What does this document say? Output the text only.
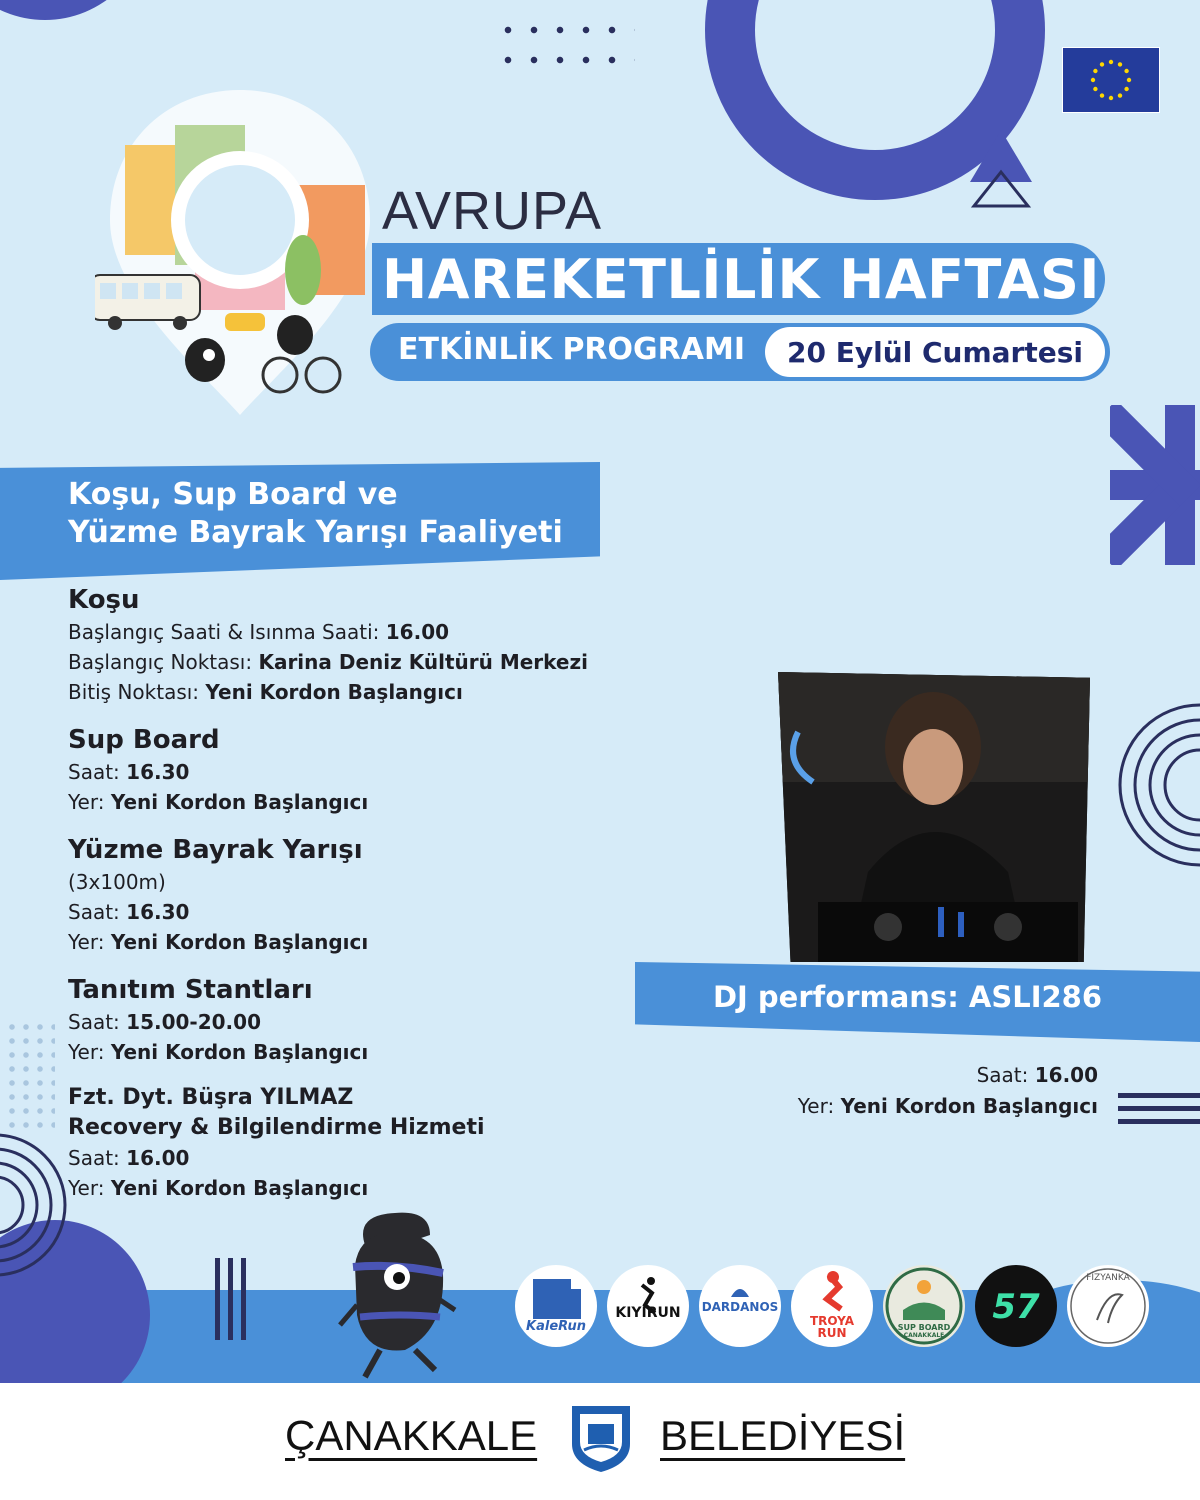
AVRUPA
HAREKETLİLİK HAFTASI
ETKİNLİK PROGRAMI	20 Eylül Cumartesi
Koşu, Sup Board ve
Yüzme Bayrak Yarışı Faaliyeti
Koşu
Başlangıç Saati & Isınma Saati: 16.00
Başlangıç Noktası: Karina Deniz Kültürü Merkezi
Bitiş Noktası: Yeni Kordon Başlangıcı
Sup Board
Saat: 16.30
Yer: Yeni Kordon Başlangıcı
Yüzme Bayrak Yarışı
(3x100m)
Saat: 16.30
Yer: Yeni Kordon Başlangıcı
Tanıtım Stantları
Saat: 15.00-20.00
Yer: Yeni Kordon Başlangıcı
Fzt. Dyt. Büşra YILMAZ
Recovery & Bilgilendirme Hizmeti
Saat: 16.00
Yer: Yeni Kordon Başlangıcı
DJ performans: ASLI286
Saat: 16.00
Yer: Yeni Kordon Başlangıcı
KaleRun
KIYIRUN	DARDANOS
TROYA
RUN	SUP BOARD
ÇANAKKALE
57
FİZYANKA
ÇANAKKALE	BELEDİYESİ
